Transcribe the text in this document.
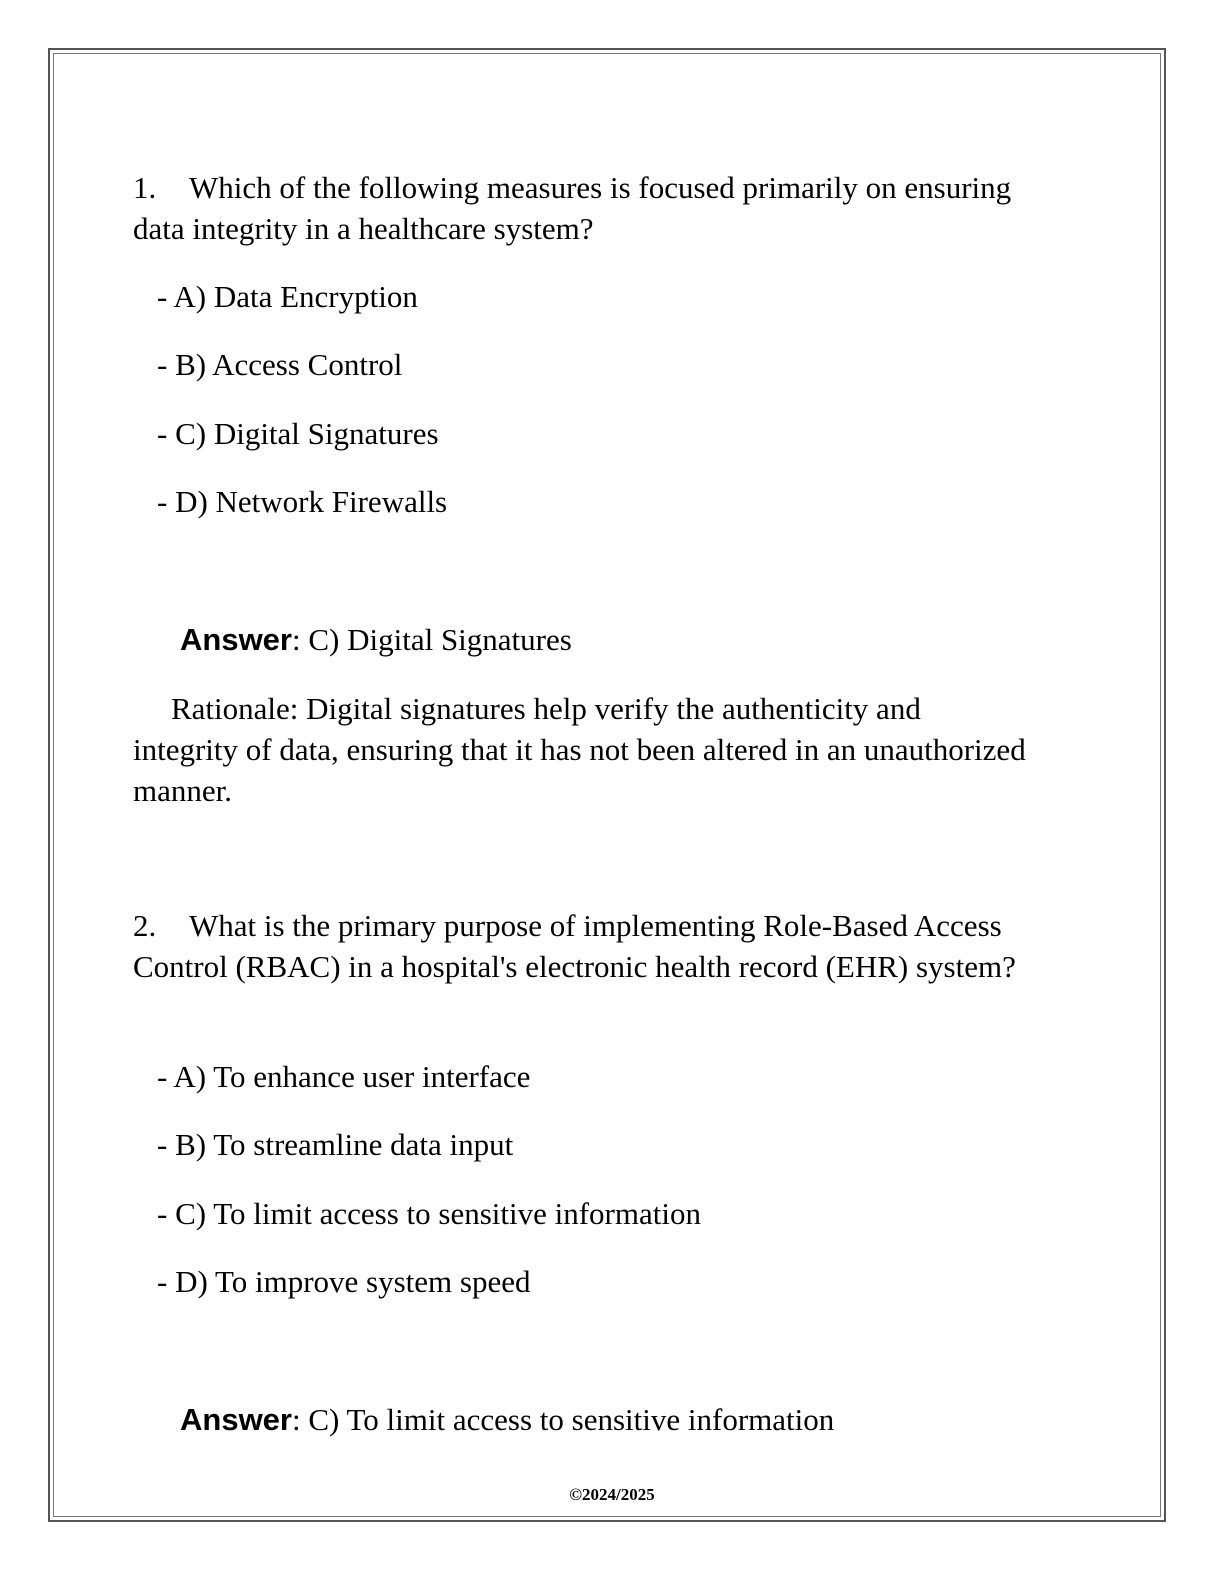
1. Which of the following measures is focused primarily on ensuring data integrity in a healthcare system?

- A) Data Encryption
- B) Access Control
- C) Digital Signatures
- D) Network Firewalls

Answer: C) Digital Signatures

Rationale: Digital signatures help verify the authenticity and integrity of data, ensuring that it has not been altered in an unauthorized manner.

2. What is the primary purpose of implementing Role-Based Access Control (RBAC) in a hospital's electronic health record (EHR) system?

- A) To enhance user interface
- B) To streamline data input
- C) To limit access to sensitive information
- D) To improve system speed

Answer: C) To limit access to sensitive information

©2024/2025
